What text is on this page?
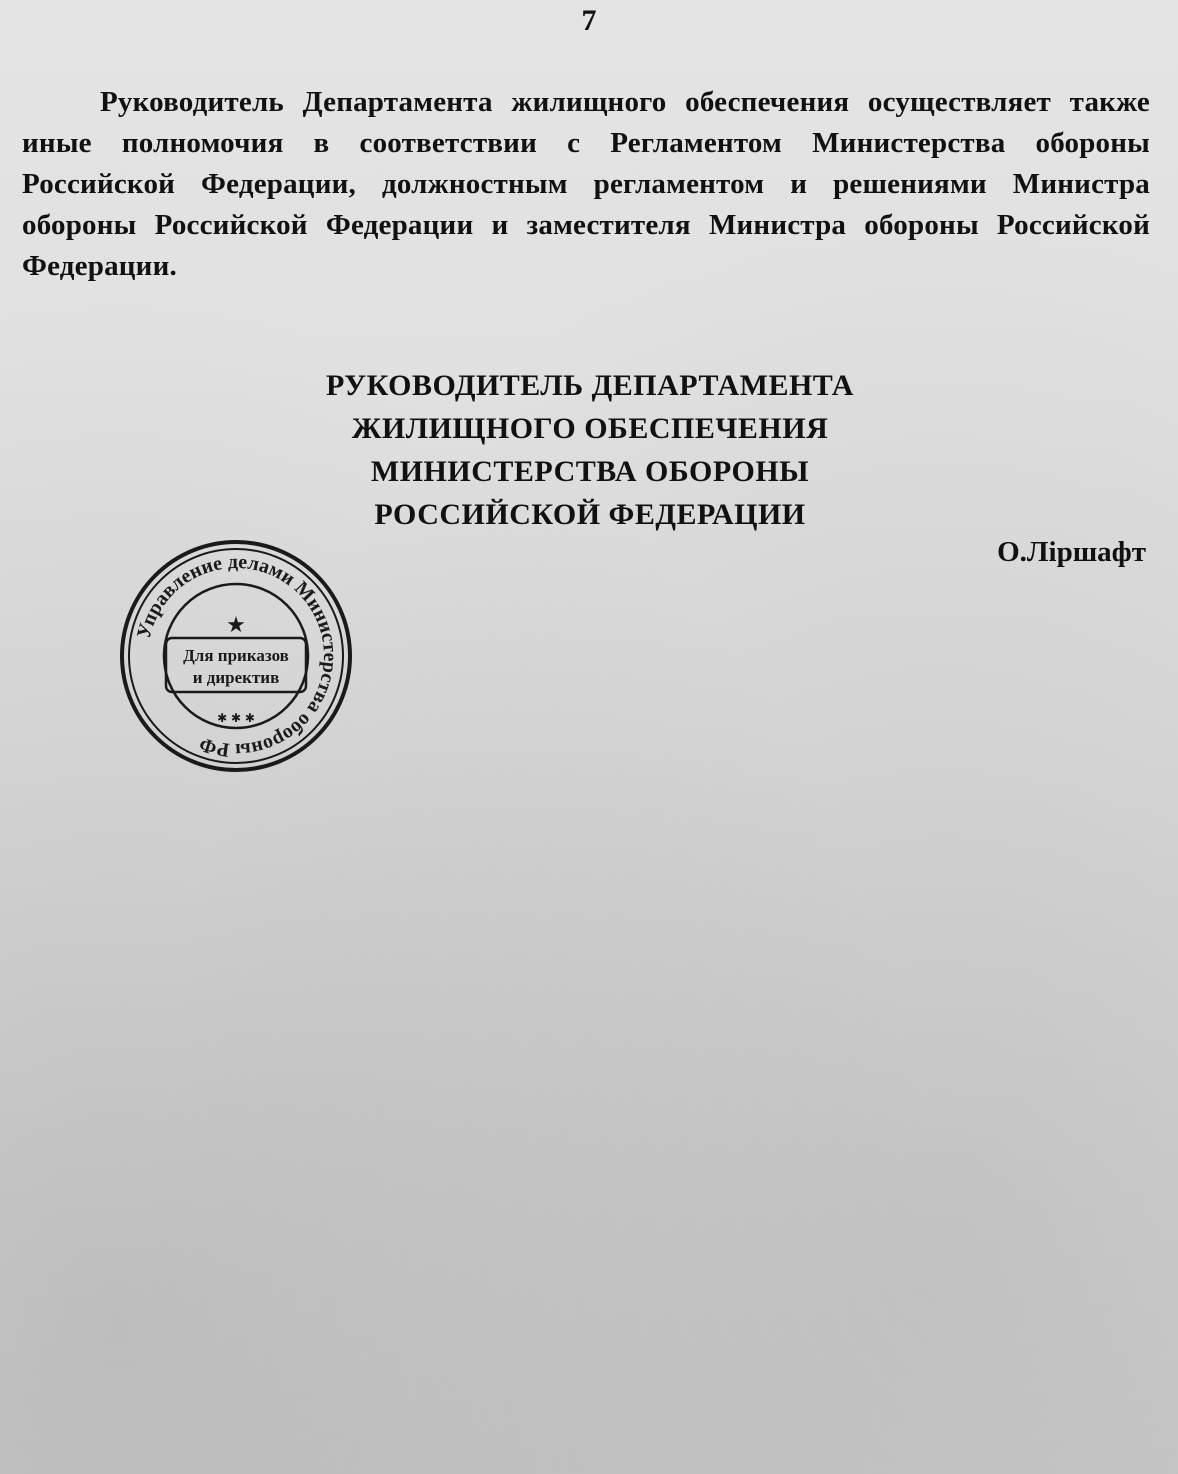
7

Руководитель Департамента жилищного обеспечения осуществляет также иные полномочия в соответствии с Регламентом Министерства обороны Российской Федерации, должностным регламентом и решениями Министра обороны Российской Федерации и заместителя Министра обороны Российской Федерации.

РУКОВОДИТЕЛЬ ДЕПАРТАМЕНТА
ЖИЛИЩНОГО ОБЕСПЕЧЕНИЯ
МИНИСТЕРСТВА ОБОРОНЫ
РОССИЙСКОЙ ФЕДЕРАЦИИ
О.Ліршафт
Управление делами Министерства обороны РФ
★
Для приказов
и директив
✱ ✱ ✱
